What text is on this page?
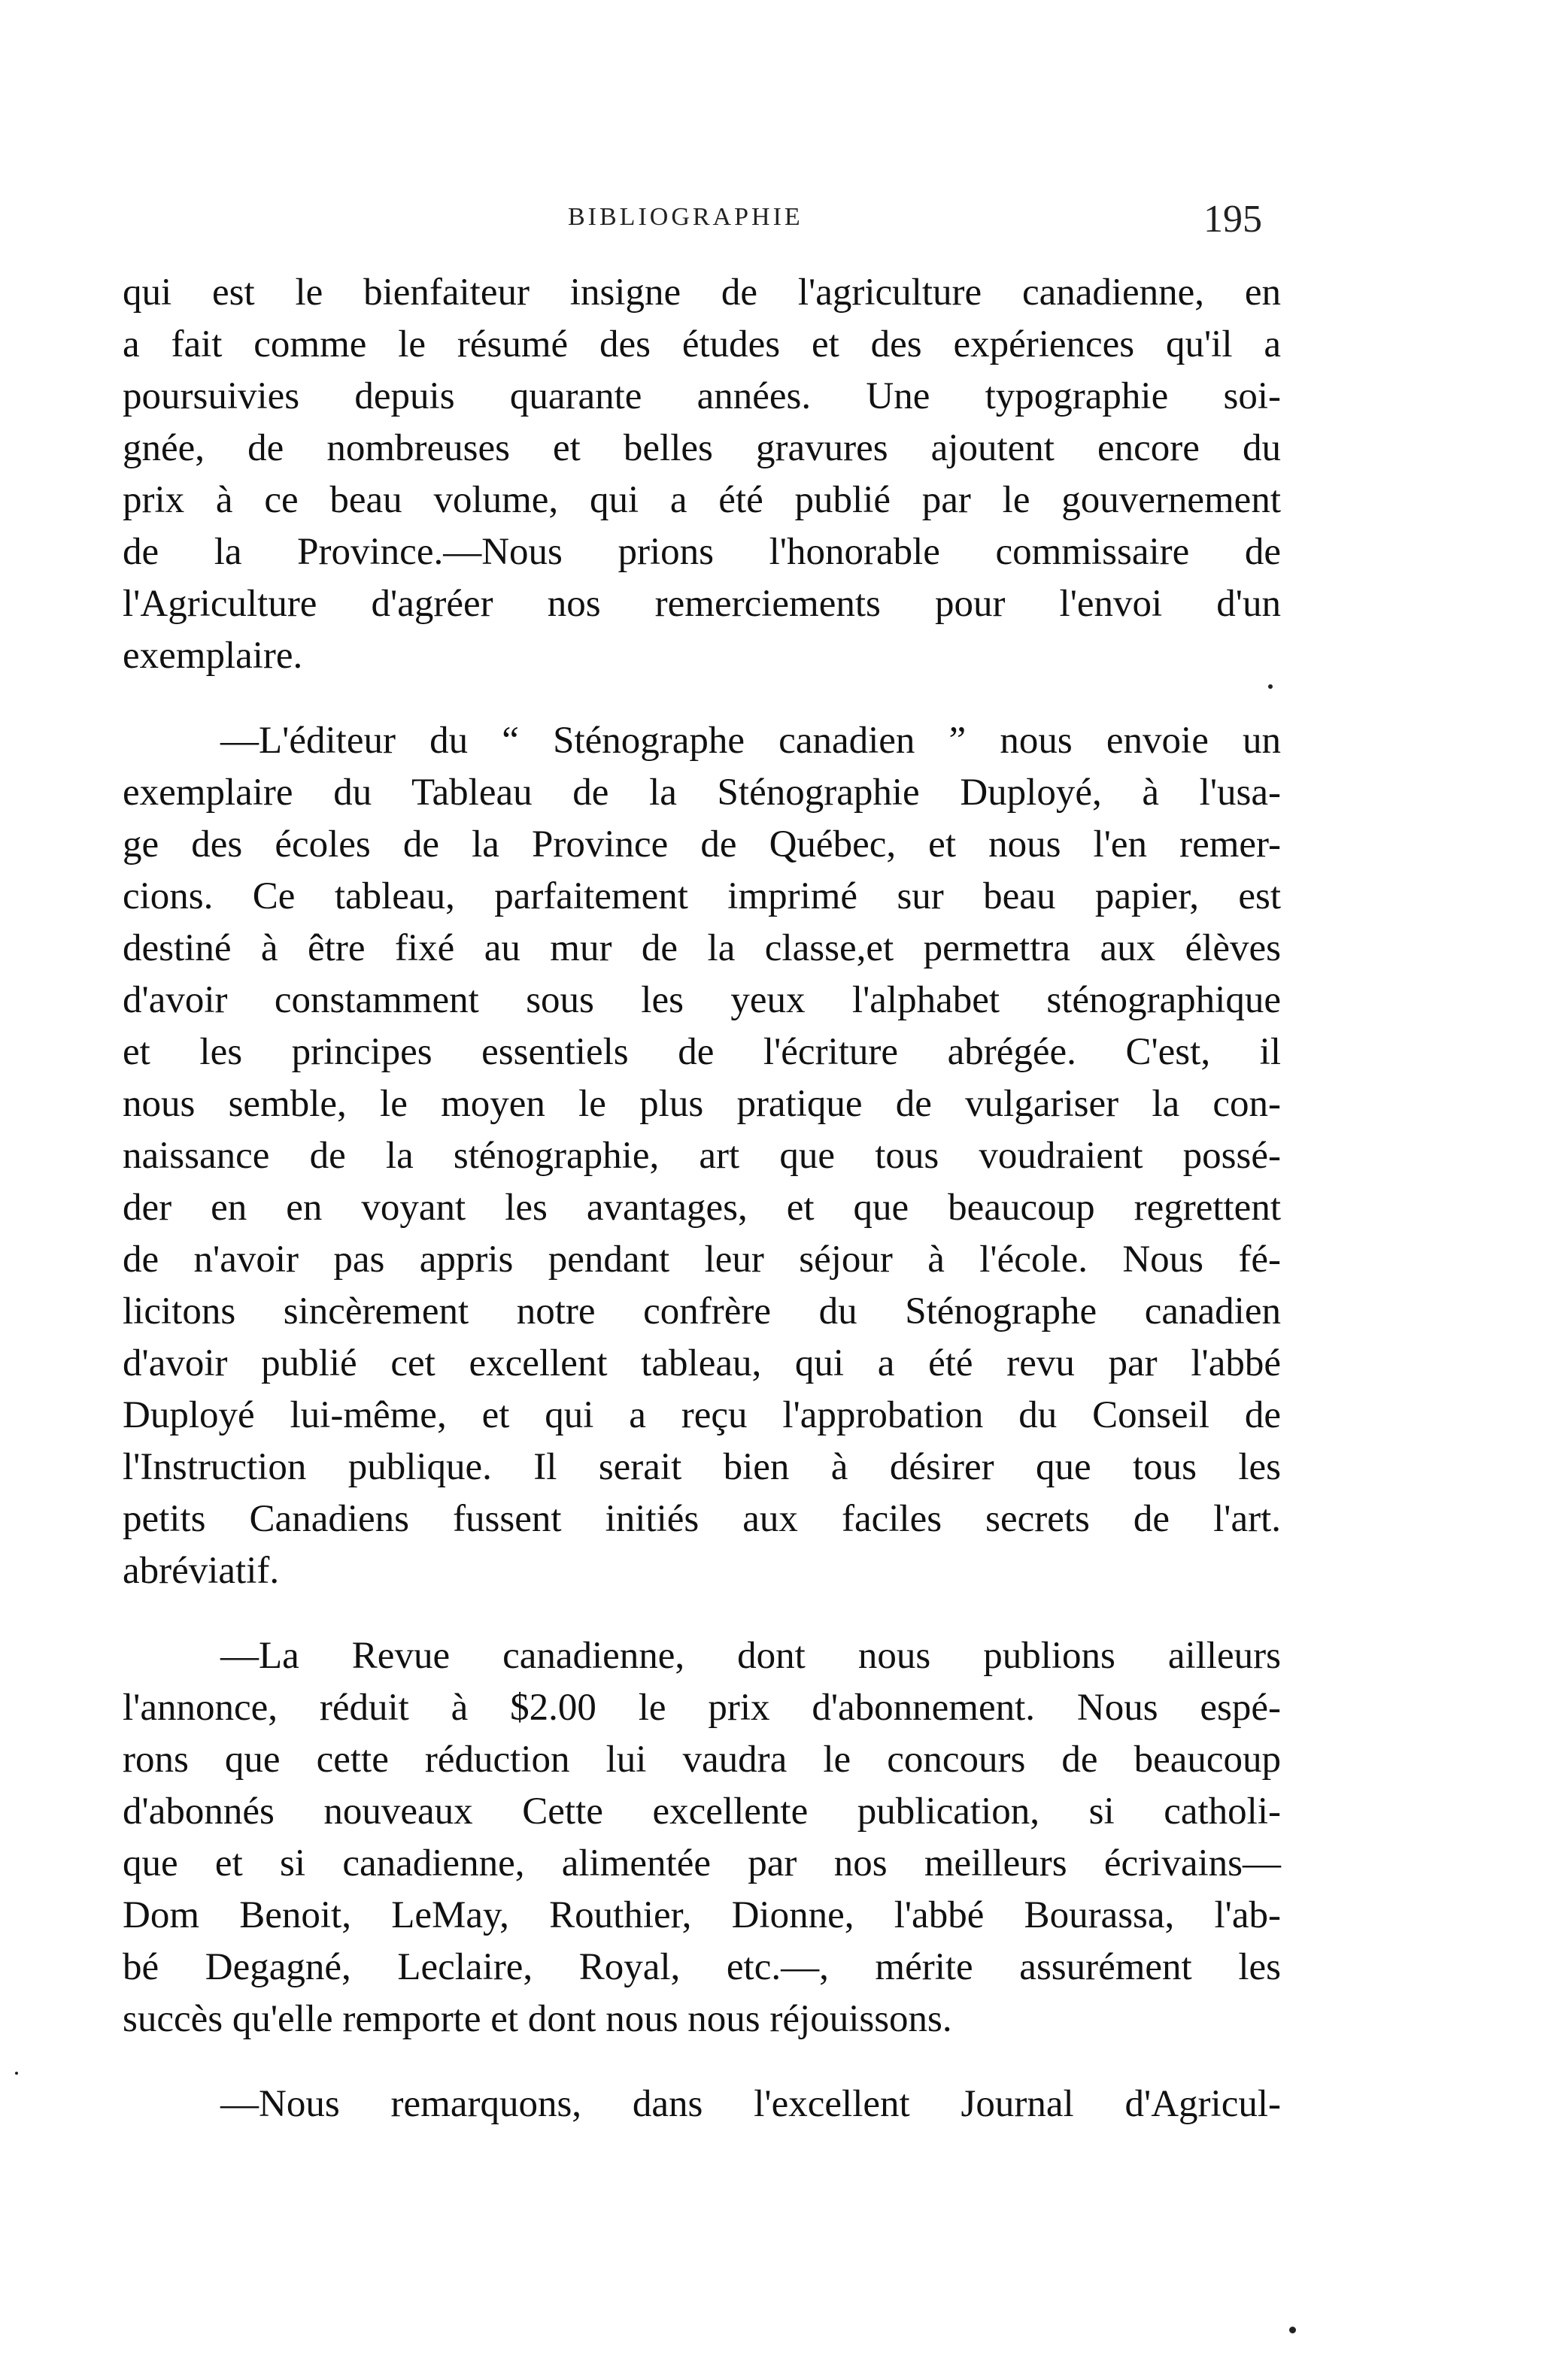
BIBLIOGRAPHIE	195
qui est le bienfaiteur insigne de l'agriculture canadienne, en
a fait comme le résumé des études et des expériences qu'il a
poursuivies depuis quarante années. Une typographie soi-
gnée, de nombreuses et belles gravures ajoutent encore du
prix à ce beau volume, qui a été publié par le gouvernement
de la Province.—Nous prions l'honorable commissaire de
l'Agriculture d'agréer nos remerciements pour l'envoi d'un
exemplaire.
—L'éditeur du “ Sténographe canadien ” nous envoie un
exemplaire du Tableau de la Sténographie Duployé, à l'usa-
ge des écoles de la Province de Québec, et nous l'en remer-
cions. Ce tableau, parfaitement imprimé sur beau papier, est
destiné à être fixé au mur de la classe,et permettra aux élèves
d'avoir constamment sous les yeux l'alphabet sténographique
et les principes essentiels de l'écriture abrégée. C'est, il
nous semble, le moyen le plus pratique de vulgariser la con-
naissance de la sténographie, art que tous voudraient possé-
der en en voyant les avantages, et que beaucoup regrettent
de n'avoir pas appris pendant leur séjour à l'école. Nous fé-
licitons sincèrement notre confrère du Sténographe canadien
d'avoir publié cet excellent tableau, qui a été revu par l'abbé
Duployé lui-même, et qui a reçu l'approbation du Conseil de
l'Instruction publique. Il serait bien à désirer que tous les
petits Canadiens fussent initiés aux faciles secrets de l'art.
abréviatif.
—La Revue canadienne, dont nous publions ailleurs
l'annonce, réduit à $2.00 le prix d'abonnement. Nous espé-
rons que cette réduction lui vaudra le concours de beaucoup
d'abonnés nouveaux Cette excellente publication, si catholi-
que et si canadienne, alimentée par nos meilleurs écrivains—
Dom Benoit, LeMay, Routhier, Dionne, l'abbé Bourassa, l'ab-
bé Degagné, Leclaire, Royal, etc.—, mérite assurément les
succès qu'elle remporte et dont nous nous réjouissons.
—Nous remarquons, dans l'excellent Journal d'Agricul-
